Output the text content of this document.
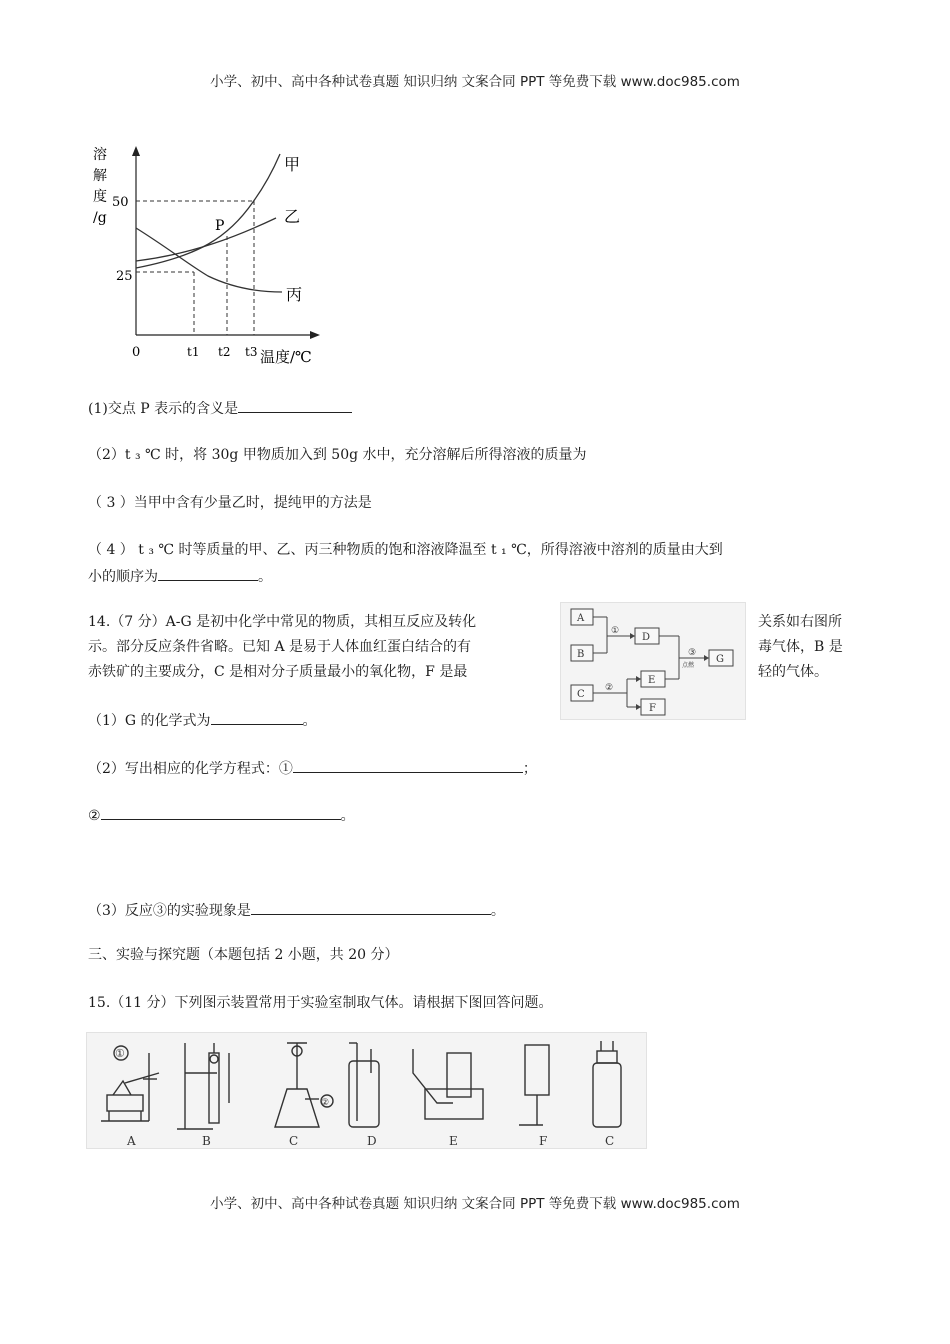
小学、初中、高中各种试卷真题 知识归纳 文案合同 PPT 等免费下载 www.doc985.com
溶
解
度
/g
50
25
0	t1 t2 t3 温度/℃
P
甲
乙
丙
(1)交点 P 表示的含义是
（2）t ₃ ℃ 时，将 30g 甲物质加入到 50g 水中，充分溶解后所得溶液的质量为
（ 3 ）当甲中含有少量乙时，提纯甲的方法是
（ 4 ） t ₃ ℃ 时等质量的甲、乙、丙三种物质的饱和溶液降温至 t ₁ ℃，所得溶液中溶剂的质量由大到
小的顺序为	。
14.（7 分）A-G 是初中化学中常见的物质，其相互反应及转化
示。部分反应条件省略。已知 A 是易于人体血红蛋白结合的有
赤铁矿的主要成分，C 是相对分子质量最小的氧化物，F 是最
关系如右图所
毒气体，B 是
轻的气体。
A
B
C
D
E
F
G
①
②
③
点燃
（1）G 的化学式为	。
（2）写出相应的化学方程式：①	；
②	。
（3）反应③的实验现象是	。
三、实验与探究题（本题包括 2 小题，共 20 分）
15.（11 分）下列图示装置常用于实验室制取气体。请根据下图回答问题。
A	B	C	D	E	F	C
①
②
小学、初中、高中各种试卷真题 知识归纳 文案合同 PPT 等免费下载 www.doc985.com
